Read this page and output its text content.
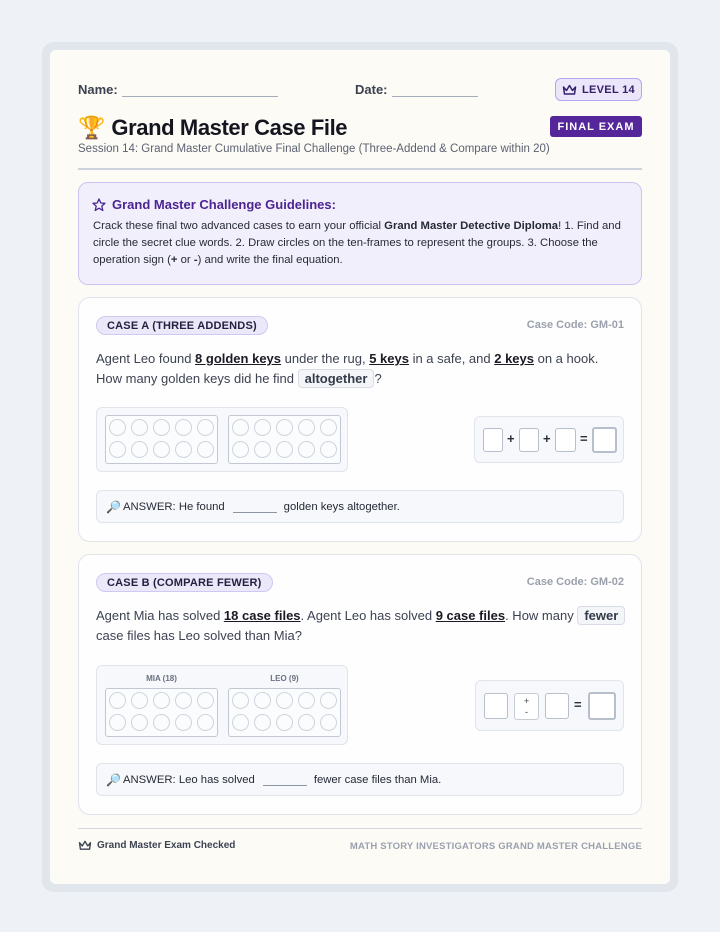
Name:	Date:	LEVEL 14
🏆 Grand Master Case File	FINAL EXAM
Session 14: Grand Master Cumulative Final Challenge (Three-Addend & Compare within 20)
Grand Master Challenge Guidelines:
Crack these final two advanced cases to earn your official Grand Master Detective Diploma! 1. Find and circle the secret clue words. 2. Draw circles on the ten-frames to represent the groups. 3. Choose the operation sign (+ or -) and write the final equation.
CASE A (THREE ADDENDS)	Case Code: GM-01
Agent Leo found 8 golden keys under the rug, 5 keys in a safe, and 2 keys on a hook. How many golden keys did he find altogether ?
+ + =
🔎 ANSWER: He found	golden keys altogether.
CASE B (COMPARE FEWER)	Case Code: GM-02
Agent Mia has solved 18 case files. Agent Leo has solved 9 case files. How many fewer case files has Leo solved than Mia?
MIA (18)	LEO (9)
+
-	=
🔎 ANSWER: Leo has solved	fewer case files than Mia.
Grand Master Exam Checked	MATH STORY INVESTIGATORS GRAND MASTER CHALLENGE
